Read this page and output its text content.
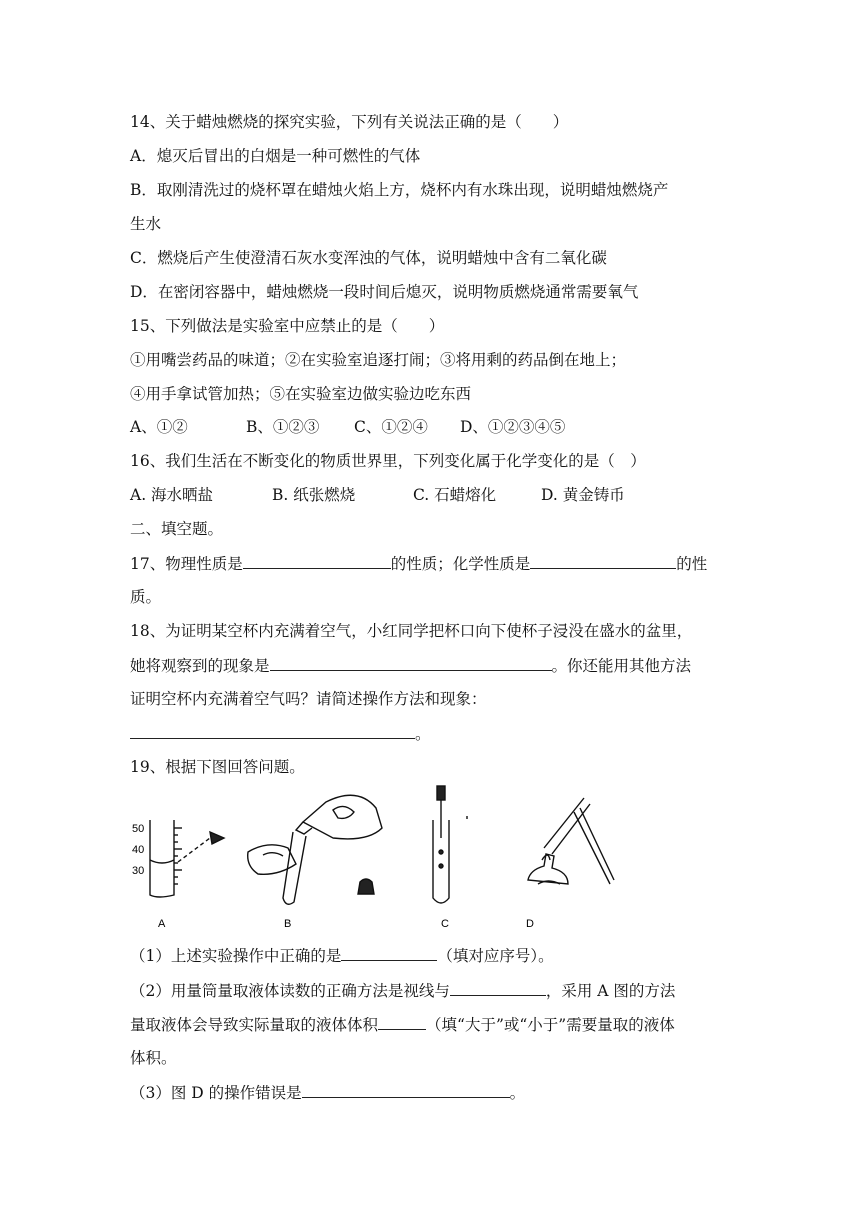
14、关于蜡烛燃烧的探究实验，下列有关说法正确的是（　　）
A．熄灭后冒出的白烟是一种可燃性的气体
B．取刚清洗过的烧杯罩在蜡烛火焰上方，烧杯内有水珠出现，说明蜡烛燃烧产
生水
C．燃烧后产生使澄清石灰水变浑浊的气体，说明蜡烛中含有二氧化碳
D．在密闭容器中，蜡烛燃烧一段时间后熄灭，说明物质燃烧通常需要氧气
15、下列做法是实验室中应禁止的是（　　）
①用嘴尝药品的味道；②在实验室追逐打闹；③将用剩的药品倒在地上；
④用手拿试管加热；⑤在实验室边做实验边吃东西
A、①②	B、①②③ C、①②④ D、①②③④⑤
16、我们生活在不断变化的物质世界里，下列变化属于化学变化的是（　）
A. 海水晒盐	B. 纸张燃烧	C. 石蜡熔化	D. 黄金铸币
二、填空题。
17、物理性质是	的性质；化学性质是	的性
质。
18、为证明某空杯内充满着空气，小红同学把杯口向下使杯子浸没在盛水的盆里，
她将观察到的现象是	。你还能用其他方法
证明空杯内充满着空气吗？请简述操作方法和现象：
。
19、根据下图回答问题。
50
40
30
A	B	C	D
（1）上述实验操作中正确的是	（填对应序号）。
（2）用量筒量取液体读数的正确方法是视线与	，采用 A 图的方法
量取液体会导致实际量取的液体体积	（填“大于”或“小于”需要量取的液体
体积。
（3）图 D 的操作错误是	。
